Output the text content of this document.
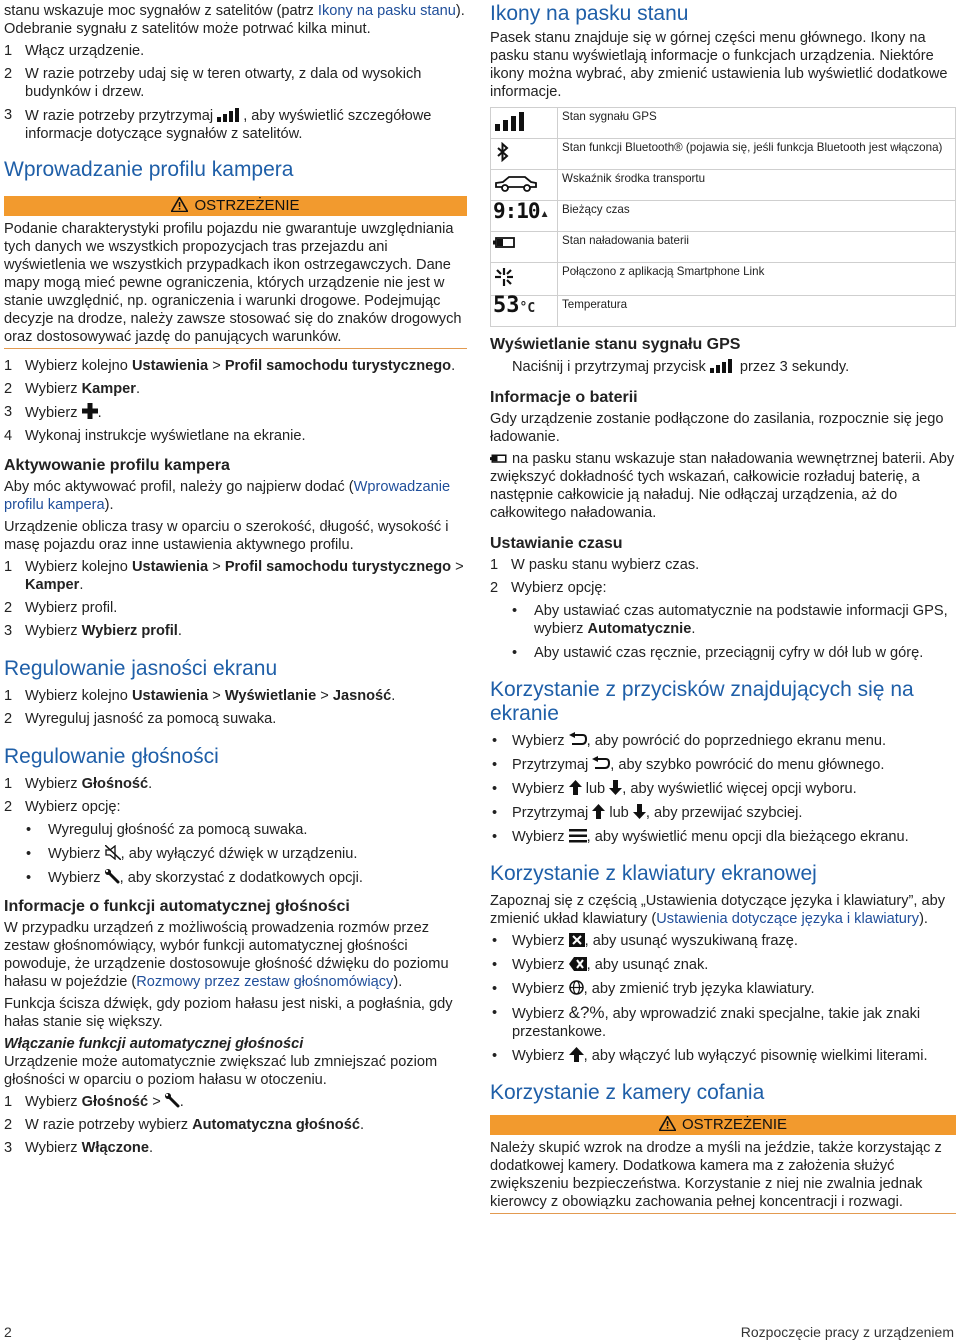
stanu wskazuje moc sygnałów z satelitów (patrz Ikony na pasku stanu). Odebranie sygnału z satelitów może potrwać kilka minut.

1 Włącz urządzenie.
2 W razie potrzeby udaj się w teren otwarty, z dala od wysokich budynków i drzew.
3 W razie potrzeby przytrzymaj , aby wyświetlić szczegółowe informacje dotyczące sygnałów z satelitów.
Wprowadzanie profilu kampera
OSTRZEŻENIE

Podanie charakterystyki profilu pojazdu nie gwarantuje uwzględniania tych danych we wszystkich propozycjach tras przejazdu ani wyświetlenia we wszystkich przypadkach ikon ostrzegawczych. Dane mapy mogą mieć pewne ograniczenia, których urządzenie nie jest w stanie uwzględnić, np. ograniczenia i warunki drogowe. Podejmując decyzje na drodze, należy zawsze stosować się do znaków drogowych oraz dostosowywać jazdę do panujących warunków.

1 Wybierz kolejno Ustawienia > Profil samochodu turystycznego.
2 Wybierz Kamper.
3 Wybierz .
4 Wykonaj instrukcje wyświetlane na ekranie.
Aktywowanie profilu kampera

Aby móc aktywować profil, należy go najpierw dodać (Wprowadzanie profilu kampera).

Urządzenie oblicza trasy w oparciu o szerokość, długość, wysokość i masę pojazdu oraz inne ustawienia aktywnego profilu.

1 Wybierz kolejno Ustawienia > Profil samochodu turystycznego > Kamper.
2 Wybierz profil.
3 Wybierz Wybierz profil.
Regulowanie jasności ekranu
1 Wybierz kolejno Ustawienia > Wyświetlanie > Jasność.
2 Wyreguluj jasność za pomocą suwaka.
Regulowanie głośności
1 Wybierz Głośność.
2 Wybierz opcję:
• Wyreguluj głośność za pomocą suwaka.
• Wybierz , aby wyłączyć dźwięk w urządzeniu.
• Wybierz , aby skorzystać z dodatkowych opcji.
Informacje o funkcji automatycznej głośności

W przypadku urządzeń z możliwością prowadzenia rozmów przez zestaw głośnomówiący, wybór funkcji automatycznej głośności powoduje, że urządzenie dostosowuje głośność dźwięku do poziomu hałasu w pojeździe (Rozmowy przez zestaw głośnomówiący).

Funkcja ścisza dźwięk, gdy poziom hałasu jest niski, a pogłaśnia, gdy hałas stanie się większy.

Włączanie funkcji automatycznej głośności

Urządzenie może automatycznie zwiększać lub zmniejszać poziom głośności w oparciu o poziom hałasu w otoczeniu.

1 Wybierz Głośność > .
2 W razie potrzeby wybierz Automatyczna głośność.
3 Wybierz Włączone.
Ikony na pasku stanu

Pasek stanu znajduje się w górnej części menu głównego. Ikony na pasku stanu wyświetlają informacje o funkcjach urządzenia. Niektóre ikony można wybrać, aby zmienić ustawienia lub wyświetlić dodatkowe informacje.

	Stan sygnału GPS
	Stan funkcji Bluetooth® (pojawia się, jeśli funkcja Bluetooth jest włączona)
	Wskaźnik środka transportu
9:10▲	Bieżący czas
	Stan naładowania baterii
	Połączono z aplikacją Smartphone Link
53°C	Temperatura
Wyświetlanie stanu sygnału GPS

Naciśnij i przytrzymaj przycisk  przez 3 sekundy.

Informacje o baterii

Gdy urządzenie zostanie podłączone do zasilania, rozpocznie się jego ładowanie.

na pasku stanu wskazuje stan naładowania wewnętrznej baterii. Aby zwiększyć dokładność tych wskazań, całkowicie rozładuj baterię, a następnie całkowicie ją naładuj. Nie odłączaj urządzenia, aż do całkowitego naładowania.

Ustawianie czasu
1 W pasku stanu wybierz czas.
2 Wybierz opcję:
• Aby ustawiać czas automatycznie na podstawie informacji GPS, wybierz Automatycznie.
• Aby ustawić czas ręcznie, przeciągnij cyfry w dół lub w górę.
Korzystanie z przycisków znajdujących się na ekranie
• Wybierz , aby powrócić do poprzedniego ekranu menu.
• Przytrzymaj , aby szybko powrócić do menu głównego.
• Wybierz  lub , aby wyświetlić więcej opcji wyboru.
• Przytrzymaj  lub , aby przewijać szybciej.
• Wybierz , aby wyświetlić menu opcji dla bieżącego ekranu.
Korzystanie z klawiatury ekranowej

Zapoznaj się z częścią „Ustawienia dotyczące języka i klawiatury”, aby zmienić układ klawiatury (Ustawienia dotyczące języka i klawiatury).

• Wybierz , aby usunąć wyszukiwaną frazę.
• Wybierz , aby usunąć znak.
• Wybierz , aby zmienić tryb języka klawiatury.
• Wybierz &?%, aby wprowadzić znaki specjalne, takie jak znaki przestankowe.
• Wybierz , aby włączyć lub wyłączyć pisownię wielkimi literami.
Korzystanie z kamery cofania
OSTRZEŻENIE

Należy skupić wzrok na drodze a myśli na jeździe, także korzystając z dodatkowej kamery. Dodatkowa kamera ma z założenia służyć zwiększeniu bezpieczeństwa. Korzystanie z niej nie zwalnia jednak kierowcy z obowiązku zachowania pełnej koncentracji i rozwagi.

2	Rozpoczęcie pracy z urządzeniem
